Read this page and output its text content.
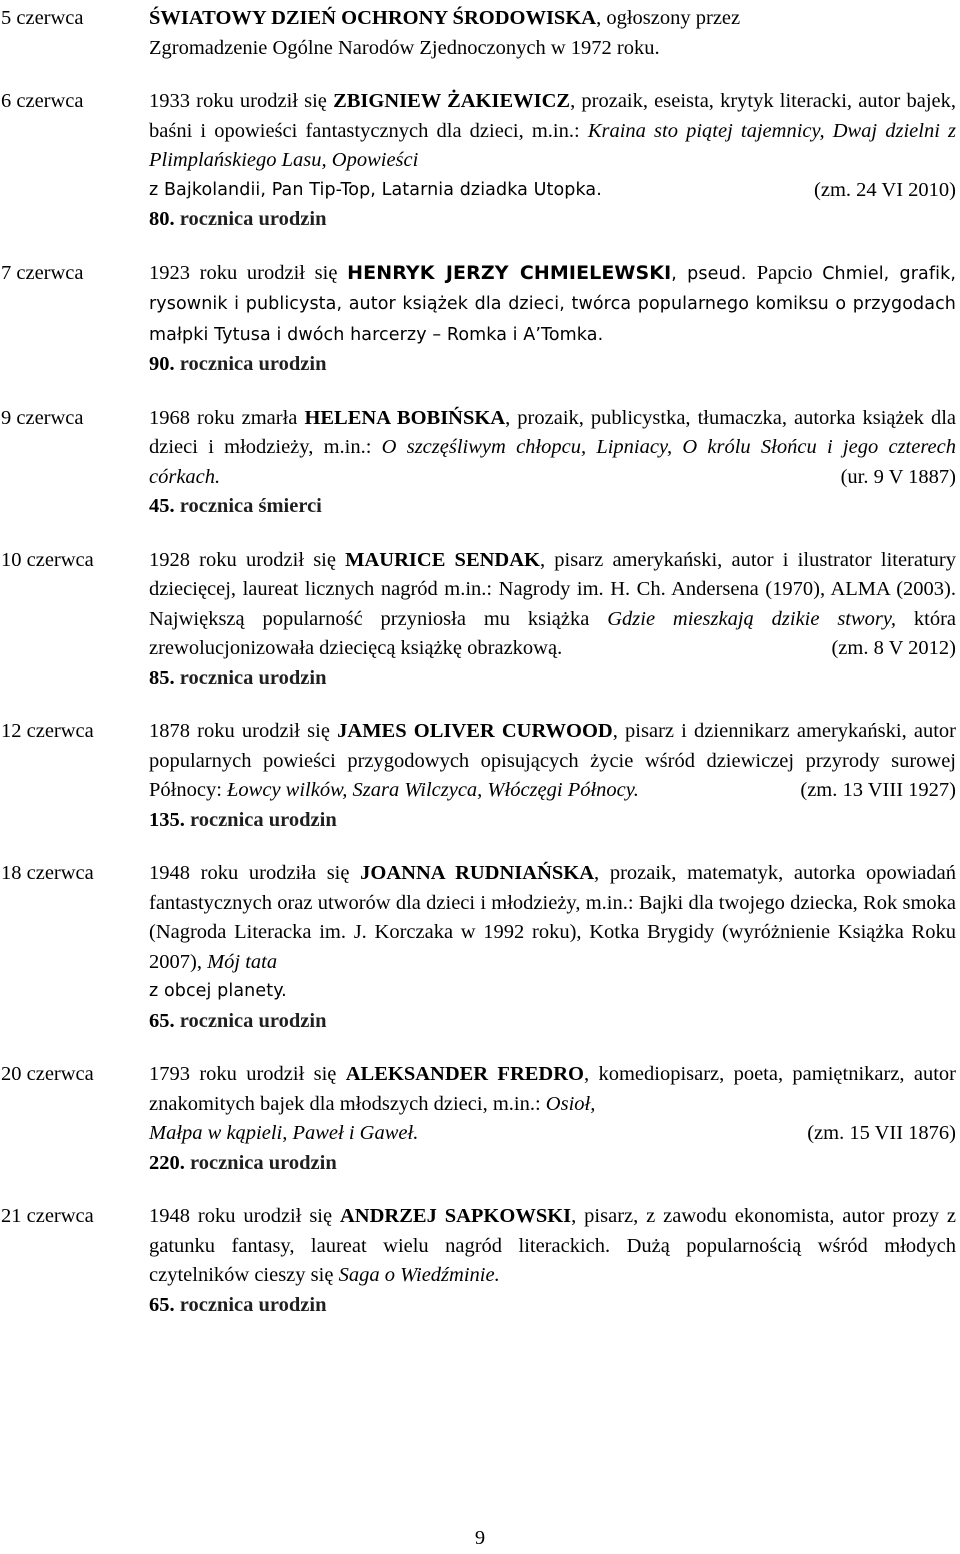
5 czerwca	ŚWIATOWY DZIEŃ OCHRONY ŚRODOWISKA, ogłoszony przez
Zgromadzenie Ogólne Narodów Zjednoczonych w 1972 roku.
6 czerwca	1933 roku urodził się ZBIGNIEW ŻAKIEWICZ, prozaik, eseista, krytyk literacki, autor bajek, baśni i opowieści fantastycznych dla dzieci, m.in.: Kraina sto piątej tajemnicy, Dwaj dzielni z Plimplańskiego Lasu, Opowieści
z Bajkolandii, Pan Tip-Top, Latarnia dziadka Utopka.	(zm. 24 VI 2010)
80. rocznica urodzin
7 czerwca	1923 roku urodził się HENRYK JERZY CHMIELEWSKI, pseud. Papcio Chmiel, grafik, rysownik i publicysta, autor książek dla dzieci, twórca popularnego komiksu o przygodach małpki Tytusa i dwóch harcerzy – Romka i A’Tomka.
90. rocznica urodzin
9 czerwca	1968 roku zmarła HELENA BOBIŃSKA, prozaik, publicystka, tłumaczka, autorka książek dla dzieci i młodzieży, m.in.: O szczęśliwym chłopcu, Lipniacy, O królu Słońcu i jego czterech córkach.	(ur. 9 V 1887)
45. rocznica śmierci
10 czerwca	1928 roku urodził się MAURICE SENDAK, pisarz amerykański, autor i ilustrator literatury dziecięcej, laureat licznych nagród m.in.: Nagrody im. H. Ch. Andersena (1970), ALMA (2003). Największą popularność przyniosła mu książka Gdzie mieszkają dzikie stwory, która zrewolucjonizowała dziecięcą książkę obrazkową.	(zm. 8 V 2012)
85. rocznica urodzin
12 czerwca	1878 roku urodził się JAMES OLIVER CURWOOD, pisarz i dziennikarz amerykański, autor popularnych powieści przygodowych opisujących życie wśród dziewiczej przyrody surowej Północy: Łowcy wilków, Szara Wilczyca, Włóczęgi Północy.	(zm. 13 VIII 1927)
135. rocznica urodzin
18 czerwca	1948 roku urodziła się JOANNA RUDNIAŃSKA, prozaik, matematyk, autorka opowiadań fantastycznych oraz utworów dla dzieci i młodzieży, m.in.: Bajki dla twojego dziecka, Rok smoka (Nagroda Literacka im. J. Korczaka w 1992 roku), Kotka Brygidy (wyróżnienie Książka Roku 2007), Mój tata
z obcej planety.
65. rocznica urodzin
20 czerwca	1793 roku urodził się ALEKSANDER FREDRO, komediopisarz, poeta, pamiętnikarz, autor znakomitych bajek dla młodszych dzieci, m.in.: Osioł,
Małpa w kąpieli, Paweł i Gaweł.	(zm. 15 VII 1876)
220. rocznica urodzin
21 czerwca	1948 roku urodził się ANDRZEJ SAPKOWSKI, pisarz, z zawodu ekonomista, autor prozy z gatunku fantasy, laureat wielu nagród literackich. Dużą popularnością wśród młodych czytelników cieszy się Saga o Wiedźminie.
65. rocznica urodzin
9
